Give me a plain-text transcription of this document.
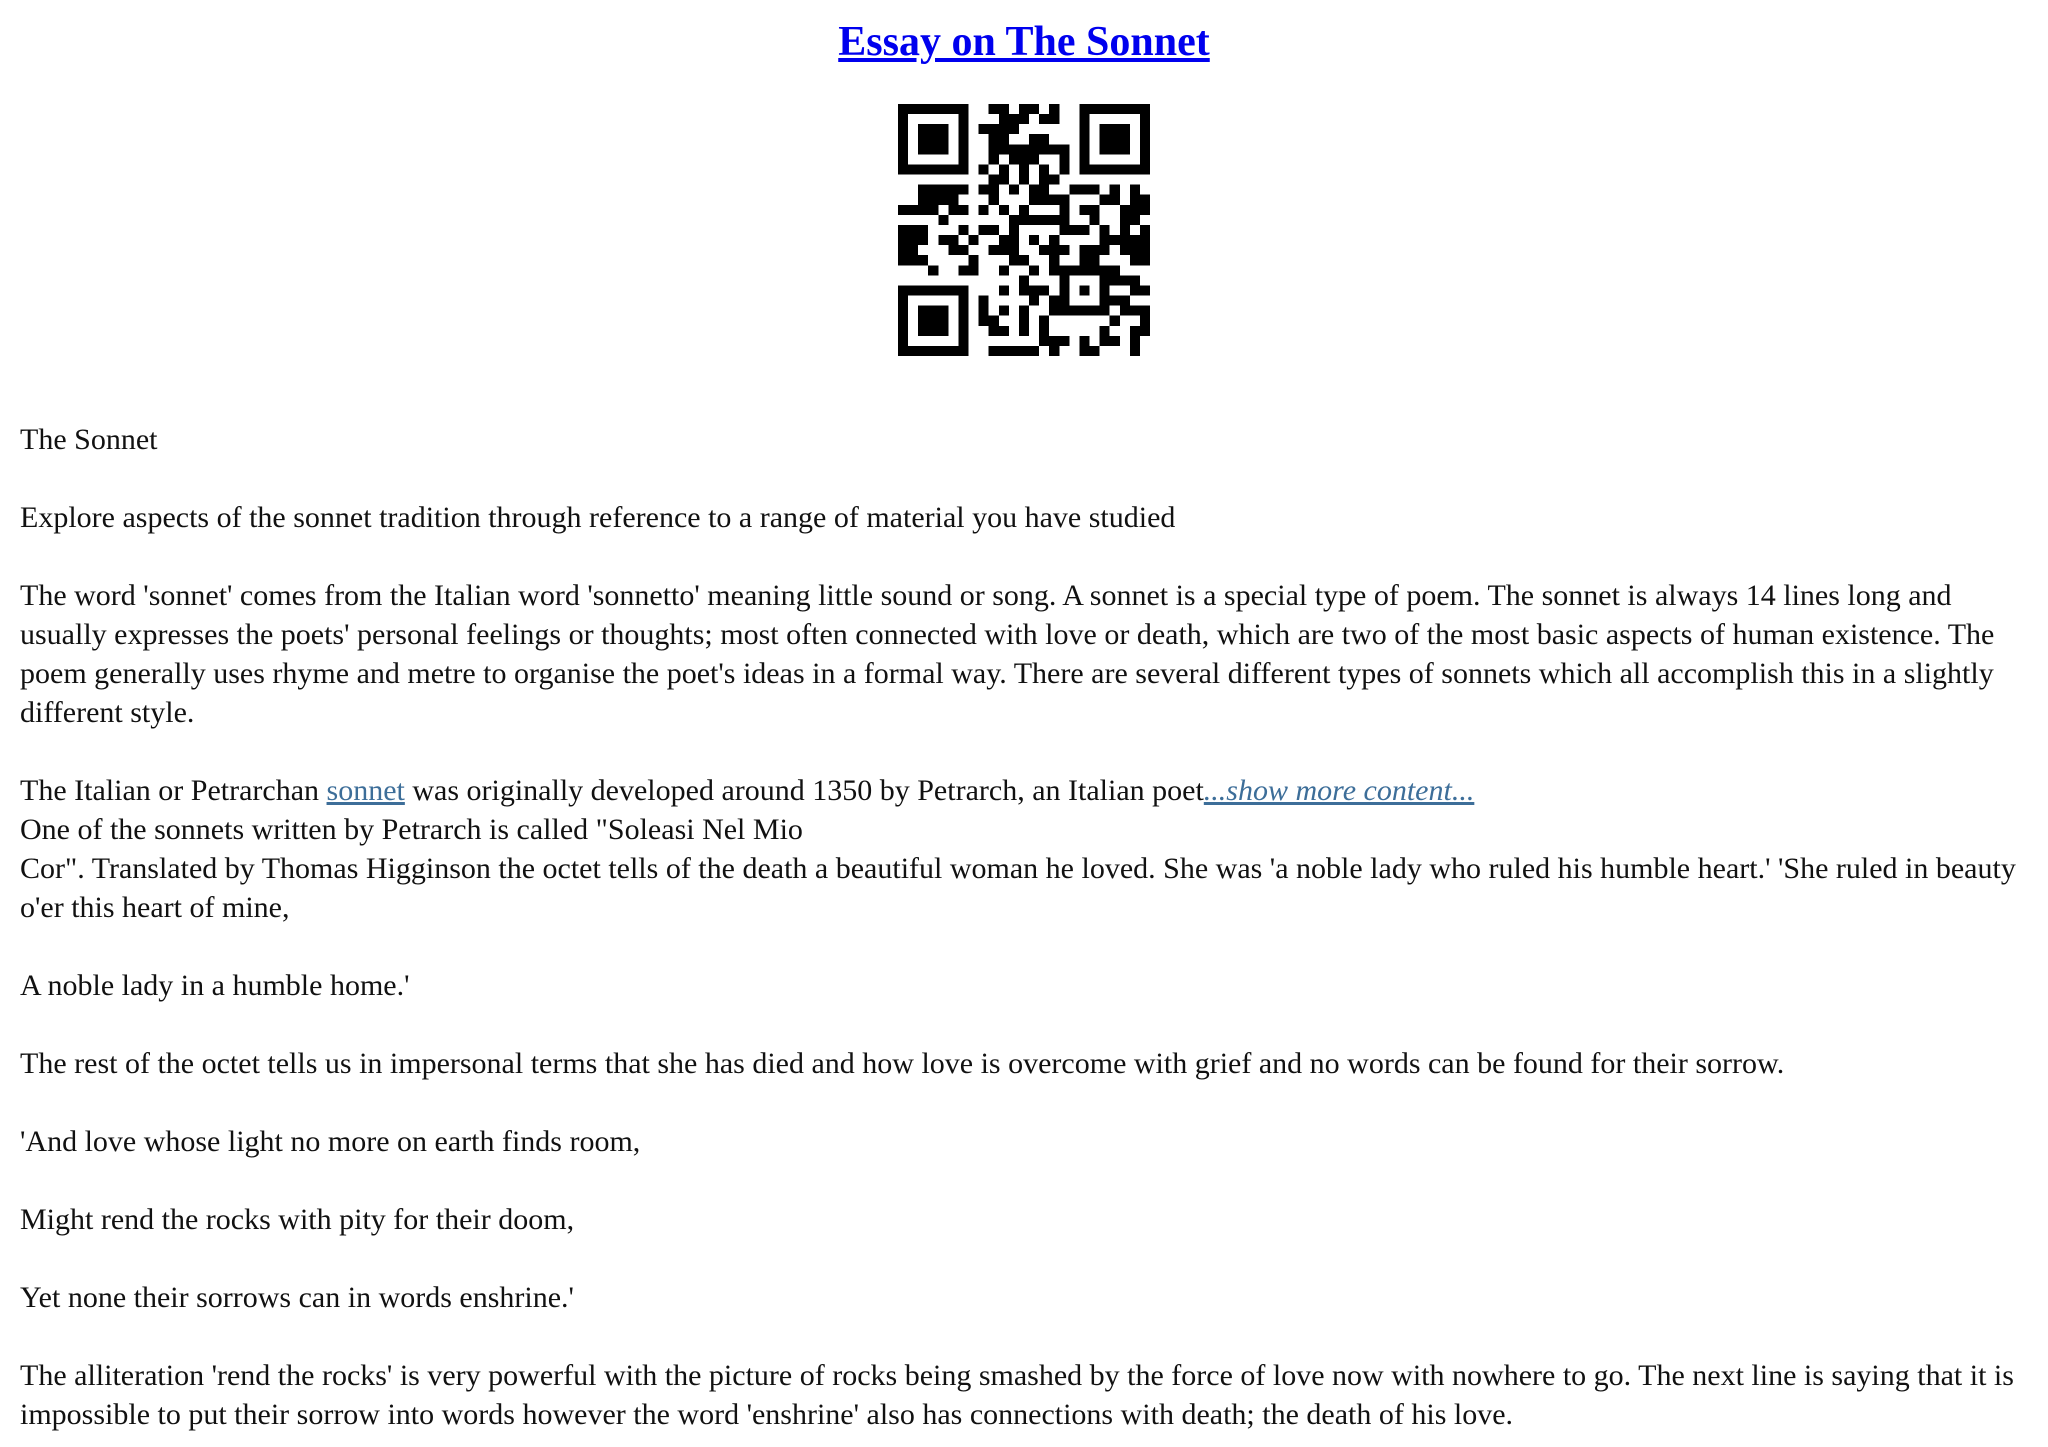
Essay on The Sonnet

The Sonnet

Explore aspects of the sonnet tradition through reference to a range of material you have studied

The word 'sonnet' comes from the Italian word 'sonnetto' meaning little sound or song. A sonnet is a special type of poem. The sonnet is always 14 lines long and usually expresses the poets' personal feelings or thoughts; most often connected with love or death, which are two of the most basic aspects of human existence. The poem generally uses rhyme and metre to organise the poet's ideas in a formal way. There are several different types of sonnets which all accomplish this in a slightly different style.

The Italian or Petrarchan sonnet was originally developed around 1350 by Petrarch, an Italian poet...show more content...

One of the sonnets written by Petrarch is called "Soleasi Nel Mio

Cor". Translated by Thomas Higginson the octet tells of the death a beautiful woman he loved. She was 'a noble lady who ruled his humble heart.' 'She ruled in beauty o'er this heart of mine,

A noble lady in a humble home.'

The rest of the octet tells us in impersonal terms that she has died and how love is overcome with grief and no words can be found for their sorrow.

'And love whose light no more on earth finds room,

Might rend the rocks with pity for their doom,

Yet none their sorrows can in words enshrine.'

The alliteration 'rend the rocks' is very powerful with the picture of rocks being smashed by the force of love now with nowhere to go. The next line is saying that it is impossible to put their sorrow into words however the word 'enshrine' also has connections with death; the death of his love.
